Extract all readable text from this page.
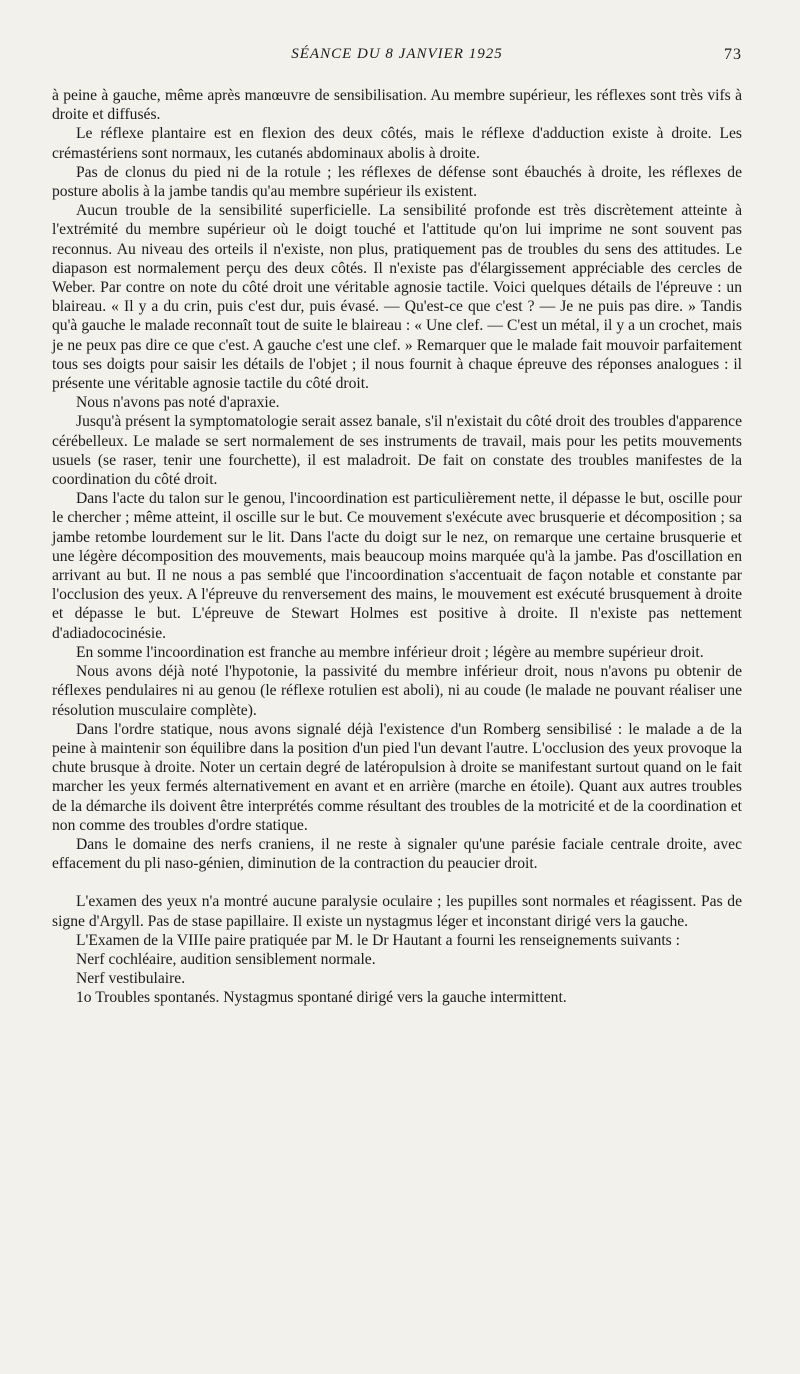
SÉANCE DU 8 JANVIER 1925	73

à peine à gauche, même après manœuvre de sensibilisation. Au membre supérieur, les réflexes sont très vifs à droite et diffusés.

Le réflexe plantaire est en flexion des deux côtés, mais le réflexe d'adduction existe à droite. Les crémastériens sont normaux, les cutanés abdominaux abolis à droite.

Pas de clonus du pied ni de la rotule ; les réflexes de défense sont ébauchés à droite, les réflexes de posture abolis à la jambe tandis qu'au membre supérieur ils existent.

Aucun trouble de la sensibilité superficielle. La sensibilité profonde est très discrètement atteinte à l'extrémité du membre supérieur où le doigt touché et l'attitude qu'on lui imprime ne sont souvent pas reconnus. Au niveau des orteils il n'existe, non plus, pratiquement pas de troubles du sens des attitudes. Le diapason est normalement perçu des deux côtés. Il n'existe pas d'élargissement appréciable des cercles de Weber. Par contre on note du côté droit une véritable agnosie tactile. Voici quelques détails de l'épreuve : un blaireau. « Il y a du crin, puis c'est dur, puis évasé. — Qu'est-ce que c'est ? — Je ne puis pas dire. » Tandis qu'à gauche le malade reconnaît tout de suite le blaireau : « Une clef. — C'est un métal, il y a un crochet, mais je ne peux pas dire ce que c'est. A gauche c'est une clef. » Remarquer que le malade fait mouvoir parfaitement tous ses doigts pour saisir les détails de l'objet ; il nous fournit à chaque épreuve des réponses analogues : il présente une véritable agnosie tactile du côté droit.

Nous n'avons pas noté d'apraxie.

Jusqu'à présent la symptomatologie serait assez banale, s'il n'existait du côté droit des troubles d'apparence cérébelleux. Le malade se sert normalement de ses instruments de travail, mais pour les petits mouvements usuels (se raser, tenir une fourchette), il est maladroit. De fait on constate des troubles manifestes de la coordination du côté droit.

Dans l'acte du talon sur le genou, l'incoordination est particulièrement nette, il dépasse le but, oscille pour le chercher ; même atteint, il oscille sur le but. Ce mouvement s'exécute avec brusquerie et décomposition ; sa jambe retombe lourdement sur le lit. Dans l'acte du doigt sur le nez, on remarque une certaine brusquerie et une légère décomposition des mouvements, mais beaucoup moins marquée qu'à la jambe. Pas d'oscillation en arrivant au but. Il ne nous a pas semblé que l'incoordination s'accentuait de façon notable et constante par l'occlusion des yeux. A l'épreuve du renversement des mains, le mouvement est exécuté brusquement à droite et dépasse le but. L'épreuve de Stewart Holmes est positive à droite. Il n'existe pas nettement d'adiadococinésie.

En somme l'incoordination est franche au membre inférieur droit ; légère au membre supérieur droit.

Nous avons déjà noté l'hypotonie, la passivité du membre inférieur droit, nous n'avons pu obtenir de réflexes pendulaires ni au genou (le réflexe rotulien est aboli), ni au coude (le malade ne pouvant réaliser une résolution musculaire complète).

Dans l'ordre statique, nous avons signalé déjà l'existence d'un Romberg sensibilisé : le malade a de la peine à maintenir son équilibre dans la position d'un pied l'un devant l'autre. L'occlusion des yeux provoque la chute brusque à droite. Noter un certain degré de latéropulsion à droite se manifestant surtout quand on le fait marcher les yeux fermés alternativement en avant et en arrière (marche en étoile). Quant aux autres troubles de la démarche ils doivent être interprétés comme résultant des troubles de la motricité et de la coordination et non comme des troubles d'ordre statique.

Dans le domaine des nerfs craniens, il ne reste à signaler qu'une parésie faciale centrale droite, avec effacement du pli naso-génien, diminution de la contraction du peaucier droit.

L'examen des yeux n'a montré aucune paralysie oculaire ; les pupilles sont normales et réagissent. Pas de signe d'Argyll. Pas de stase papillaire. Il existe un nystagmus léger et inconstant dirigé vers la gauche.

L'Examen de la VIIIe paire pratiquée par M. le Dr Hautant a fourni les renseignements suivants :

Nerf cochléaire, audition sensiblement normale.

Nerf vestibulaire.

1o Troubles spontanés. Nystagmus spontané dirigé vers la gauche intermittent.
